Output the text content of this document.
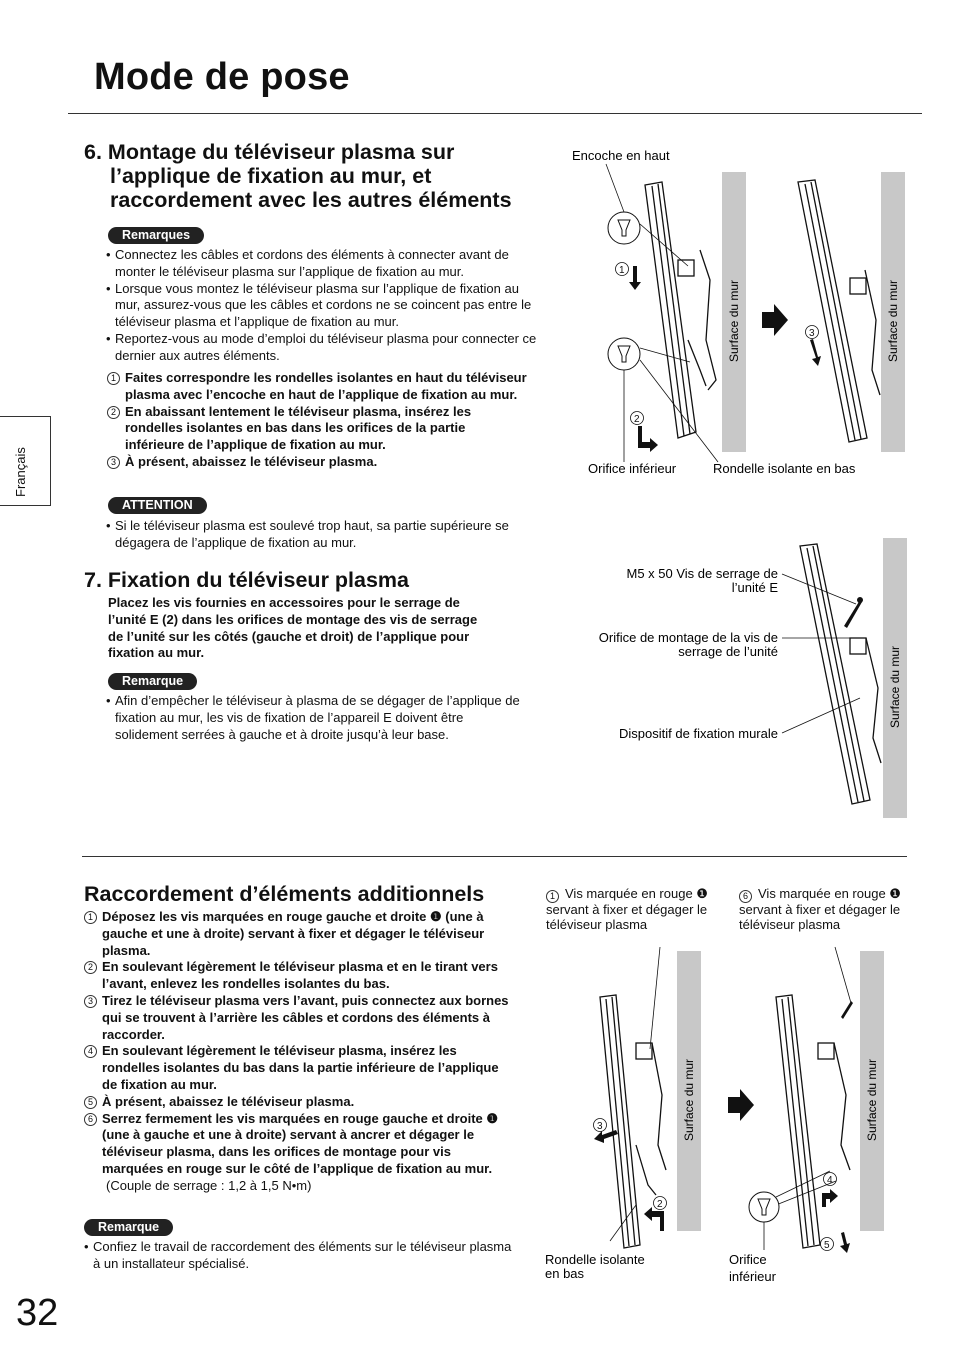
Mode de pose
Français
6. Montage du téléviseur plasma sur
l’applique de fixation au mur, et
raccordement avec les autres éléments
Remarques
• Connectez les câbles et cordons des éléments à connecter avant de monter le téléviseur plasma sur l’applique de fixation au mur.
• Lorsque vous montez le téléviseur plasma sur l’applique de fixation au mur, assurez-vous que les câbles et cordons ne se coincent pas entre le téléviseur plasma et l’applique de fixation au mur.
• Reportez-vous au mode d’emploi du téléviseur plasma pour connecter ce dernier aux autres éléments.
1 Faites correspondre les rondelles isolantes en haut du téléviseur plasma avec l’encoche en haut de l’applique de fixation au mur.
2 En abaissant lentement le téléviseur plasma, insérez les rondelles isolantes en bas dans les orifices de la partie inférieure de l’applique de fixation au mur.
3 À présent, abaissez le téléviseur plasma.
ATTENTION
• Si le téléviseur plasma est soulevé trop haut, sa partie supérieure se dégagera de l’applique de fixation au mur.
7. Fixation du téléviseur plasma
Placez les vis fournies en accessoires pour le serrage de l’unité E (2) dans les orifices de montage des vis de serrage de l’unité sur les côtés (gauche et droit) de l’applique pour fixation au mur.
Remarque
• Afin d’empêcher le téléviseur à plasma de se dégager de l’applique de fixation au mur, les vis de fixation de l’appareil E doivent être solidement serrées à gauche et à droite jusqu’à leur base.
Raccordement d’éléments additionnels
1 Déposez les vis marquées en rouge gauche et droite ❶ (une à gauche et une à droite) servant à fixer et dégager le téléviseur plasma.
2 En soulevant légèrement le téléviseur plasma et en le tirant vers l’avant, enlevez les rondelles isolantes du bas.
3 Tirez le téléviseur plasma vers l’avant, puis connectez aux bornes qui se trouvent à l’arrière les câbles et cordons des éléments à raccorder.
4 En soulevant légèrement le téléviseur plasma, insérez les rondelles isolantes du bas dans la partie inférieure de l’applique de fixation au mur.
5 À présent, abaissez le téléviseur plasma.
6 Serrez fermement les vis marquées en rouge gauche et droite ❶ (une à gauche et une à droite) servant à ancrer et dégager le téléviseur plasma, dans les orifices de montage pour vis marquées en rouge sur le côté de l’applique de fixation au mur.
(Couple de serrage : 1,2 à 1,5 N•m)
Remarque
• Confiez le travail de raccordement des éléments sur le téléviseur plasma à un installateur spécialisé.
32
Surface du mur	Surface du mur
1
2
3
Encoche en haut
Orifice inférieur	Rondelle isolante en bas
Surface du mur
M5 x 50 Vis de serrage de
l’unité E
Orifice de montage de la vis de
serrage de l’unité
Dispositif de fixation murale
1 Vis marquée en rouge ❶ servant à fixer et dégager le téléviseur plasma
6 Vis marquée en rouge ❶ servant à fixer et dégager le téléviseur plasma
Surface du mur	Surface du mur
3
2
4
5
Rondelle isolante
en bas
Orifice
inférieur
